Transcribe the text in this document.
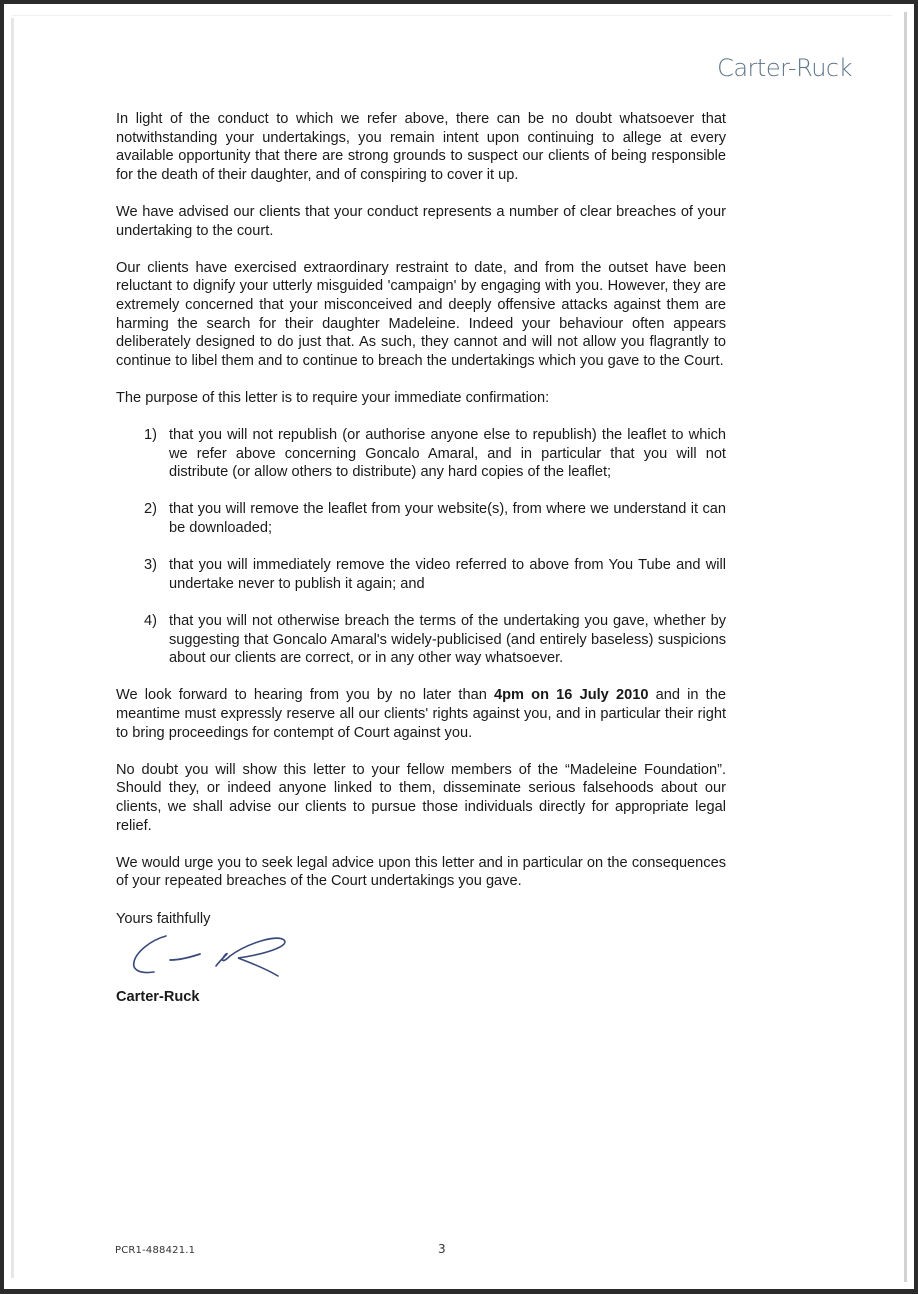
Carter-Ruck

In light of the conduct to which we refer above, there can be no doubt whatsoever that notwithstanding your undertakings, you remain intent upon continuing to allege at every available opportunity that there are strong grounds to suspect our clients of being responsible for the death of their daughter, and of conspiring to cover it up.

We have advised our clients that your conduct represents a number of clear breaches of your undertaking to the court.

Our clients have exercised extraordinary restraint to date, and from the outset have been reluctant to dignify your utterly misguided 'campaign' by engaging with you. However, they are extremely concerned that your misconceived and deeply offensive attacks against them are harming the search for their daughter Madeleine. Indeed your behaviour often appears deliberately designed to do just that. As such, they cannot and will not allow you flagrantly to continue to libel them and to continue to breach the undertakings which you gave to the Court.

The purpose of this letter is to require your immediate confirmation:

1) that you will not republish (or authorise anyone else to republish) the leaflet to which we refer above concerning Goncalo Amaral, and in particular that you will not distribute (or allow others to distribute) any hard copies of the leaflet;
2) that you will remove the leaflet from your website(s), from where we understand it can be downloaded;
3) that you will immediately remove the video referred to above from You Tube and will undertake never to publish it again; and
4) that you will not otherwise breach the terms of the undertaking you gave, whether by suggesting that Goncalo Amaral's widely-publicised (and entirely baseless) suspicions about our clients are correct, or in any other way whatsoever.

We look forward to hearing from you by no later than 4pm on 16 July 2010 and in the meantime must expressly reserve all our clients' rights against you, and in particular their right to bring proceedings for contempt of Court against you.

No doubt you will show this letter to your fellow members of the “Madeleine Foundation”. Should they, or indeed anyone linked to them, disseminate serious falsehoods about our clients, we shall advise our clients to pursue those individuals directly for appropriate legal relief.

We would urge you to seek legal advice upon this letter and in particular on the consequences of your repeated breaches of the Court undertakings you gave.

Yours faithfully

Carter-Ruck

PCR1-488421.1	3
